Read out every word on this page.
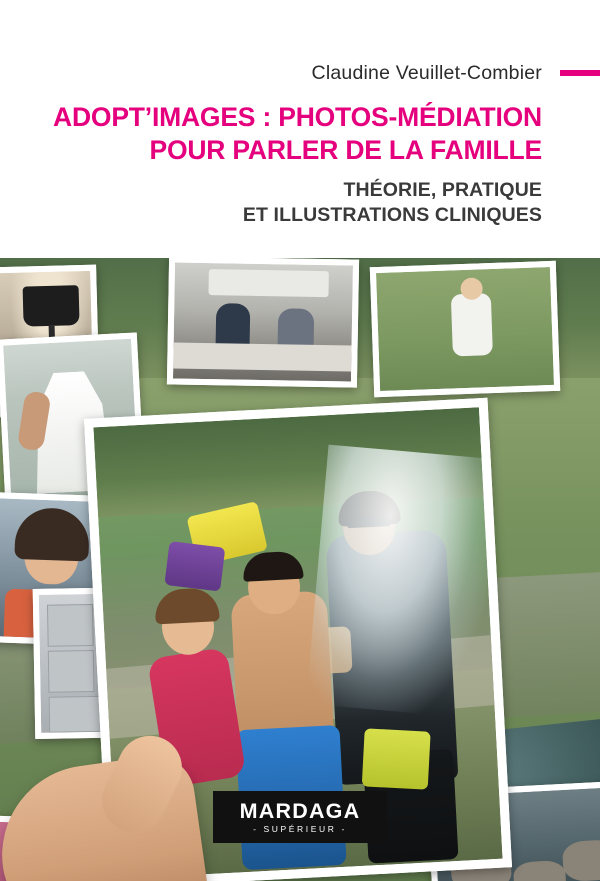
Claudine Veuillet-Combier
ADOPT’IMAGES : PHOTOS-MÉDIATION
POUR PARLER DE LA FAMILLE
THÉORIE, PRATIQUE
ET ILLUSTRATIONS CLINIQUES
MARDAGA
- SUPÉRIEUR -
